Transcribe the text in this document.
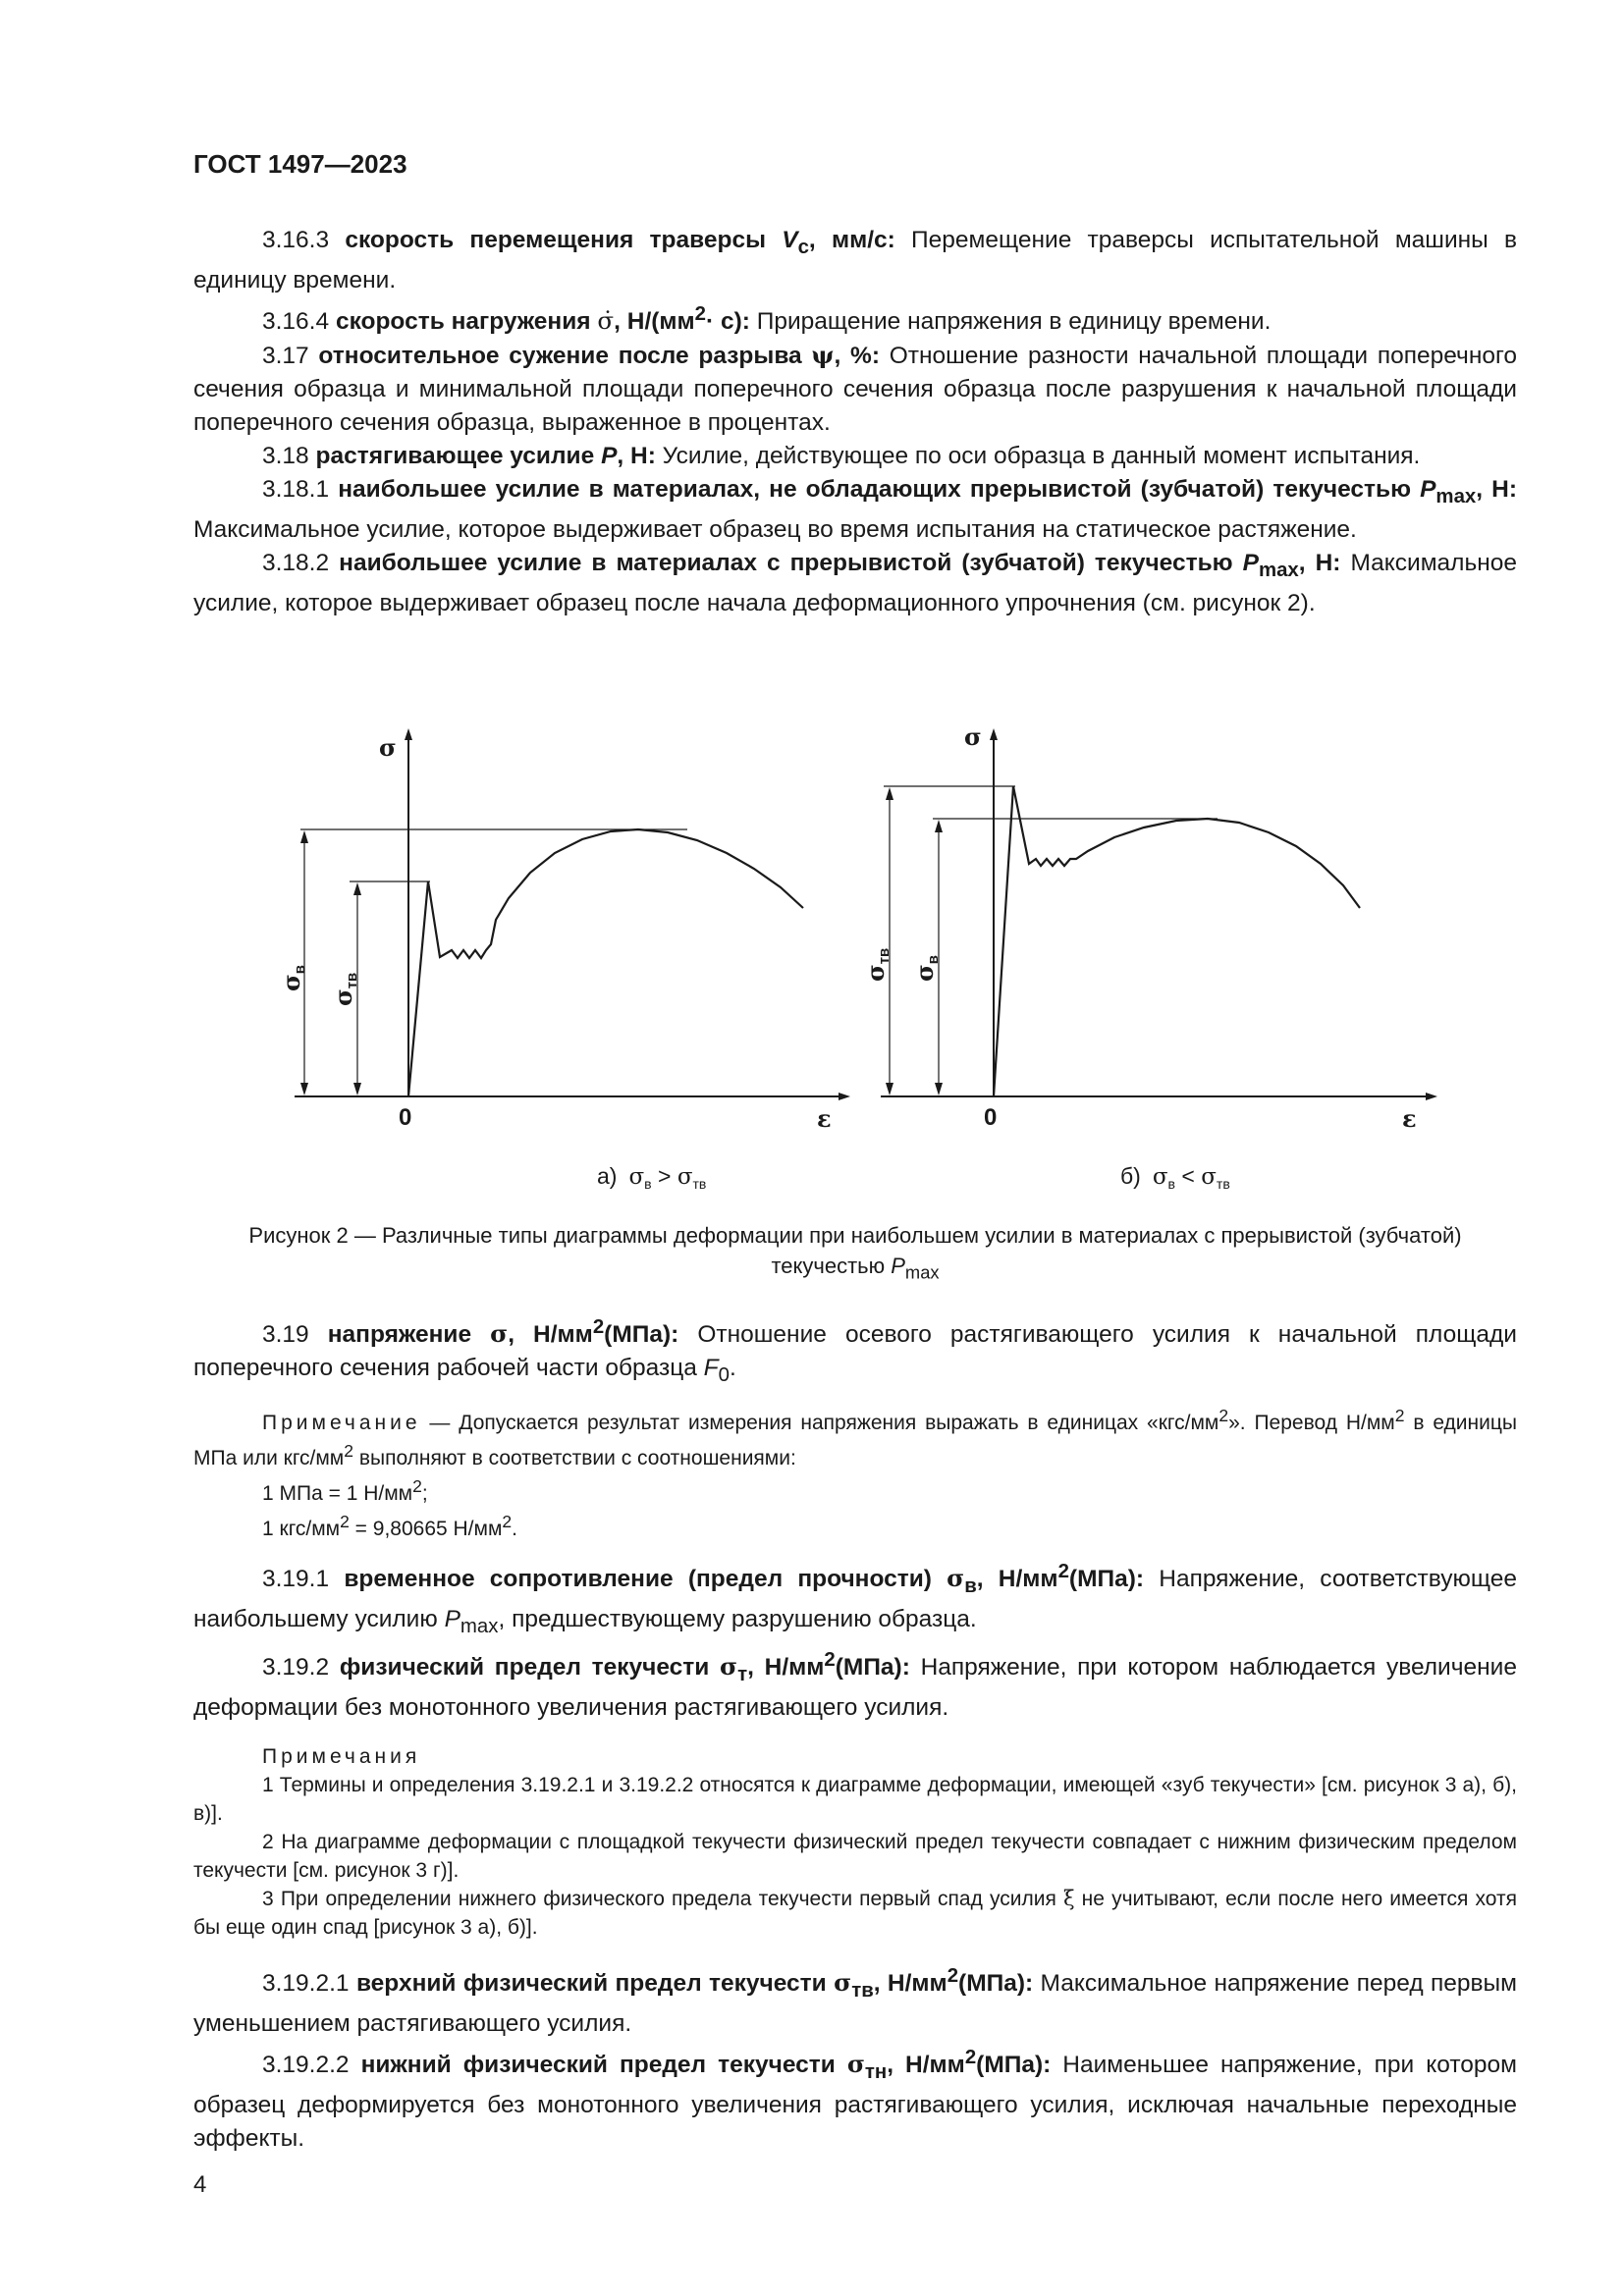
ГОСТ 1497—2023

3.16.3 скорость перемещения траверсы $V_c$, мм/с: Перемещение траверсы испытательной машины в единицу времени.

3.16.4 скорость нагружения σ̇, $Н/(мм^2\cdot с)$: Приращение напряжения в единицу времени.

3.17 относительное сужение после разрыва ψ, %: Отношение разности начальной площади поперечного сечения образца и минимальной площади поперечного сечения образца после разрушения к начальной площади поперечного сечения образца, выраженное в процентах.

3.18 растягивающее усилие P, Н: Усилие, действующее по оси образца в данный момент испытания.

3.18.1 наибольшее усилие в материалах, не обладающих прерывистой (зубчатой) текучестью $P_{max}$, Н: Максимальное усилие, которое выдерживает образец во время испытания на статическое растяжение.

3.18.2 наибольшее усилие в материалах с прерывистой (зубчатой) текучестью $P_{max}$, Н: Максимальное усилие, которое выдерживает образец после начала деформационного упрочнения (см. рисунок 2).

σ
ε
0
$\sigma_в$
$\sigma_{тв}$
а) $\sigma_в > \sigma_{тв}$
σ
ε
0
$\sigma_{тв}$
$\sigma_в$
б) $\sigma_в < \sigma_{тв}$
Рисунок 2 — Различные типы диаграммы деформации при наибольшем усилии в материалах с прерывистой (зубчатой) текучестью $P_{max}$

3.19 напряжение σ, $Н/мм^2(МПа)$: Отношение осевого растягивающего усилия к начальной площади поперечного сечения рабочей части образца $F_0$.

Примечание — Допускается результат измерения напряжения выражать в единицах «$кгс/мм^2$». Перевод $Н/мм^2$ в единицы МПа или кгс/$мм^2$ выполняют в соответствии с соотношениями:

1 МПа = 1 $Н/мм^2$;

1 кгс/$мм^2 = 9,80665$ $Н/мм^2$.

3.19.1 временное сопротивление (предел прочности) $\sigma_в$, $Н/мм^2(МПа)$: Напряжение, соответствующее наибольшему усилию $P_{max}$, предшествующему разрушению образца.

3.19.2 физический предел текучести $\sigma_т$, $Н/мм^2(МПа)$: Напряжение, при котором наблюдается увеличение деформации без монотонного увеличения растягивающего усилия.

Примечания

1 Термины и определения 3.19.2.1 и 3.19.2.2 относятся к диаграмме деформации, имеющей «зуб текучести» [см. рисунок 3 а), б), в)].

2 На диаграмме деформации с площадкой текучести физический предел текучести совпадает с нижним физическим пределом текучести [см. рисунок 3 г)].

3 При определении нижнего физического предела текучести первый спад усилия ξ не учитывают, если после него имеется хотя бы еще один спад [рисунок 3 а), б)].

3.19.2.1 верхний физический предел текучести $\sigma_{тв}$, $Н/мм^2(МПа)$: Максимальное напряжение перед первым уменьшением растягивающего усилия.

3.19.2.2 нижний физический предел текучести $\sigma_{тн}$, $Н/мм^2(МПа)$: Наименьшее напряжение, при котором образец деформируется без монотонного увеличения растягивающего усилия, исключая начальные переходные эффекты.

4
